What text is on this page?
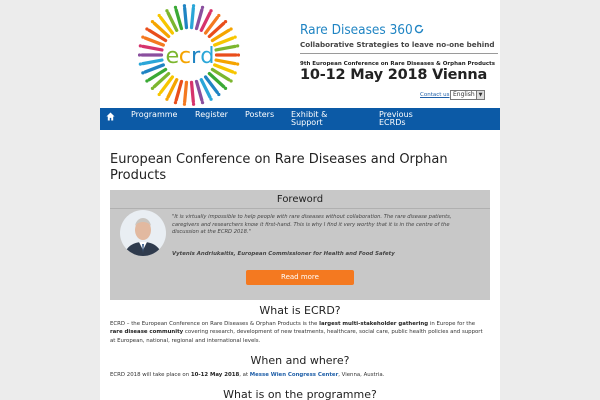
e c r d
Rare Diseases 360
Collaborative Strategies to leave no-one behind
9th European Conference on Rare Diseases & Orphan Products
10-12 May 2018 Vienna
Contact us English ▼
Programme Register Posters Exhibit &
Support
Previous
ECRDs
European Conference on Rare Diseases and Orphan
Products
Foreword
"It is virtually impossible to help people with rare diseases without collaboration. The rare disease patients,
caregivers and researchers know it first-hand. This is why I find it very worthy that it is in the centre of the
discussion at the ECRD 2018."
Vytenis Andriukaitis, European Commissioner for Health and Food Safety
Read more
What is ECRD?
ECRD – the European Conference on Rare Diseases & Orphan Products is the largest multi-stakeholder gathering in Europe for the
rare disease community covering research, development of new treatments, healthcare, social care, public health policies and support
at European, national, regional and international levels.
When and where?
ECRD 2018 will take place on 10-12 May 2018, at Messe Wien Congress Center, Vienna, Austria.
What is on the programme?
